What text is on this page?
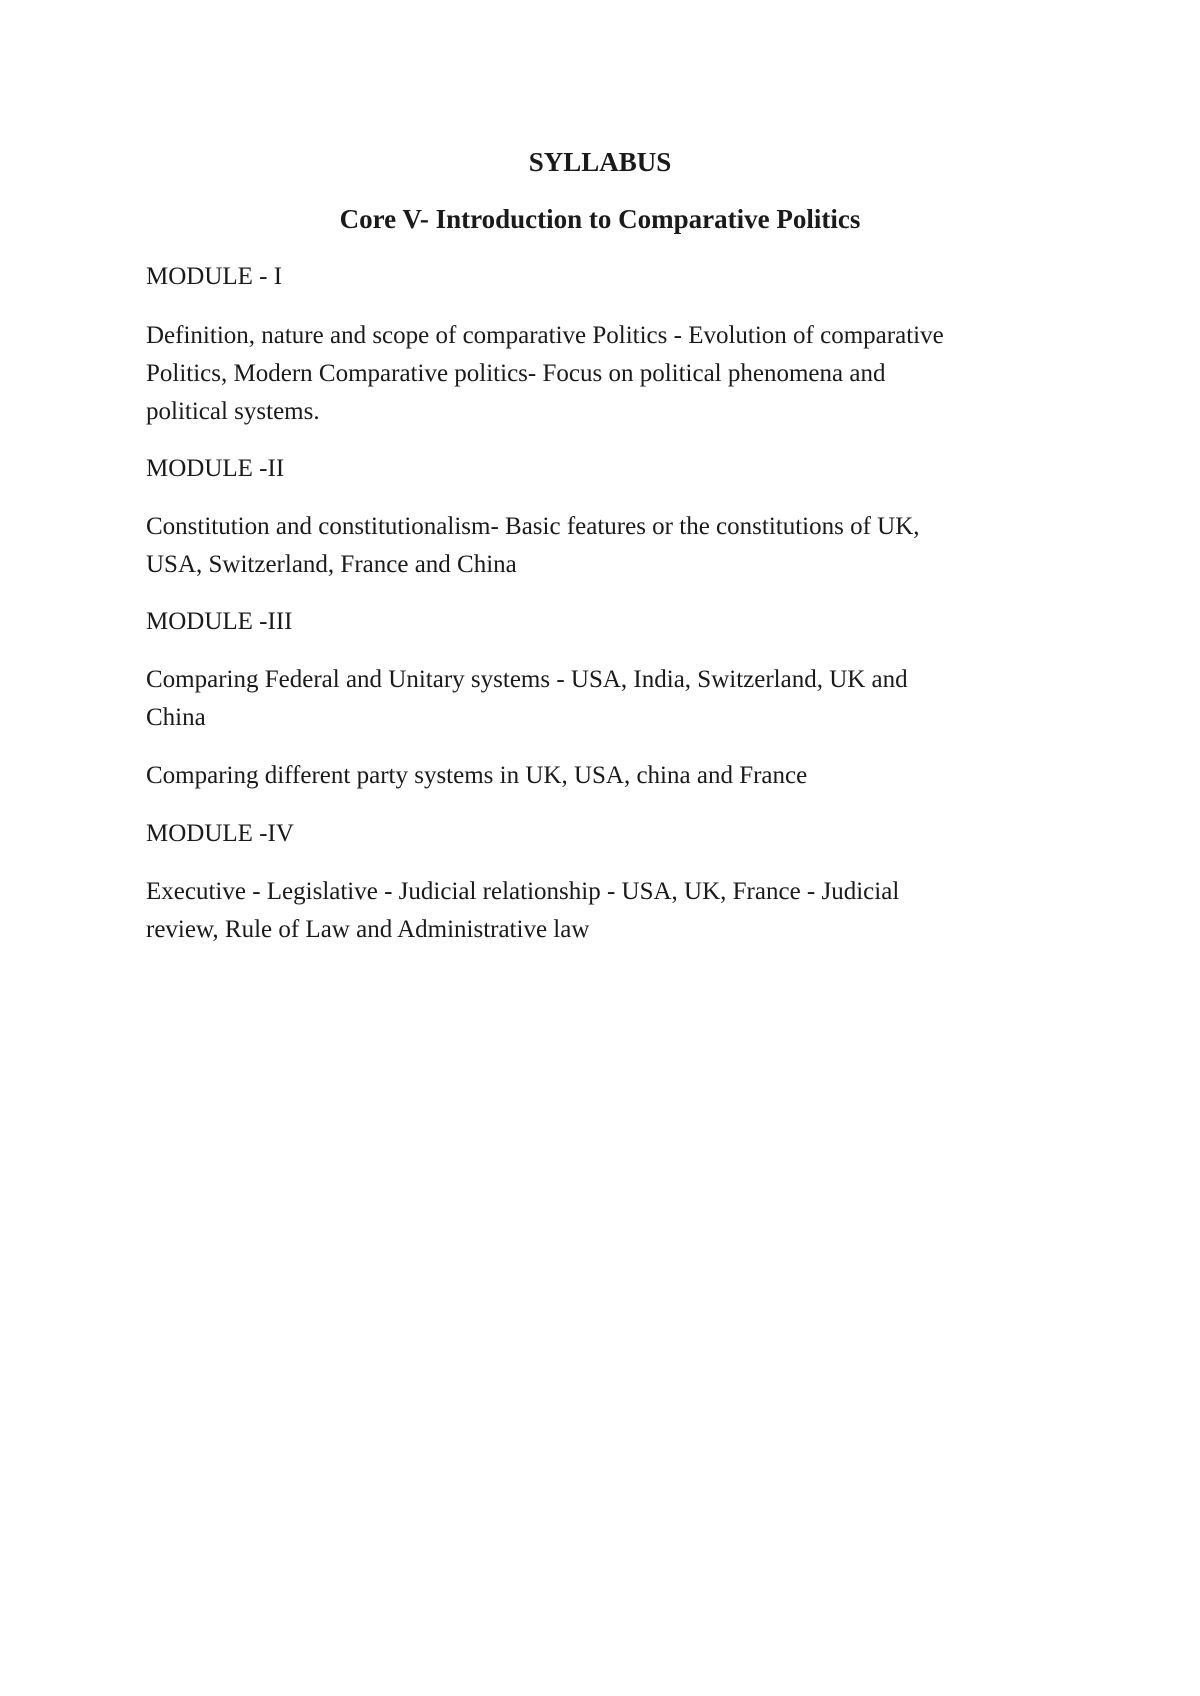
SYLLABUS
Core V- Introduction to Comparative Politics

MODULE - I

Definition, nature and scope of comparative Politics - Evolution of comparative
Politics, Modern Comparative politics- Focus on political phenomena and
political systems.

MODULE -II

Constitution and constitutionalism- Basic features or the constitutions of UK,
USA, Switzerland, France and China

MODULE -III

Comparing Federal and Unitary systems - USA, India, Switzerland, UK and
China

Comparing different party systems in UK, USA, china and France

MODULE -IV

Executive - Legislative - Judicial relationship - USA, UK, France - Judicial
review, Rule of Law and Administrative law
